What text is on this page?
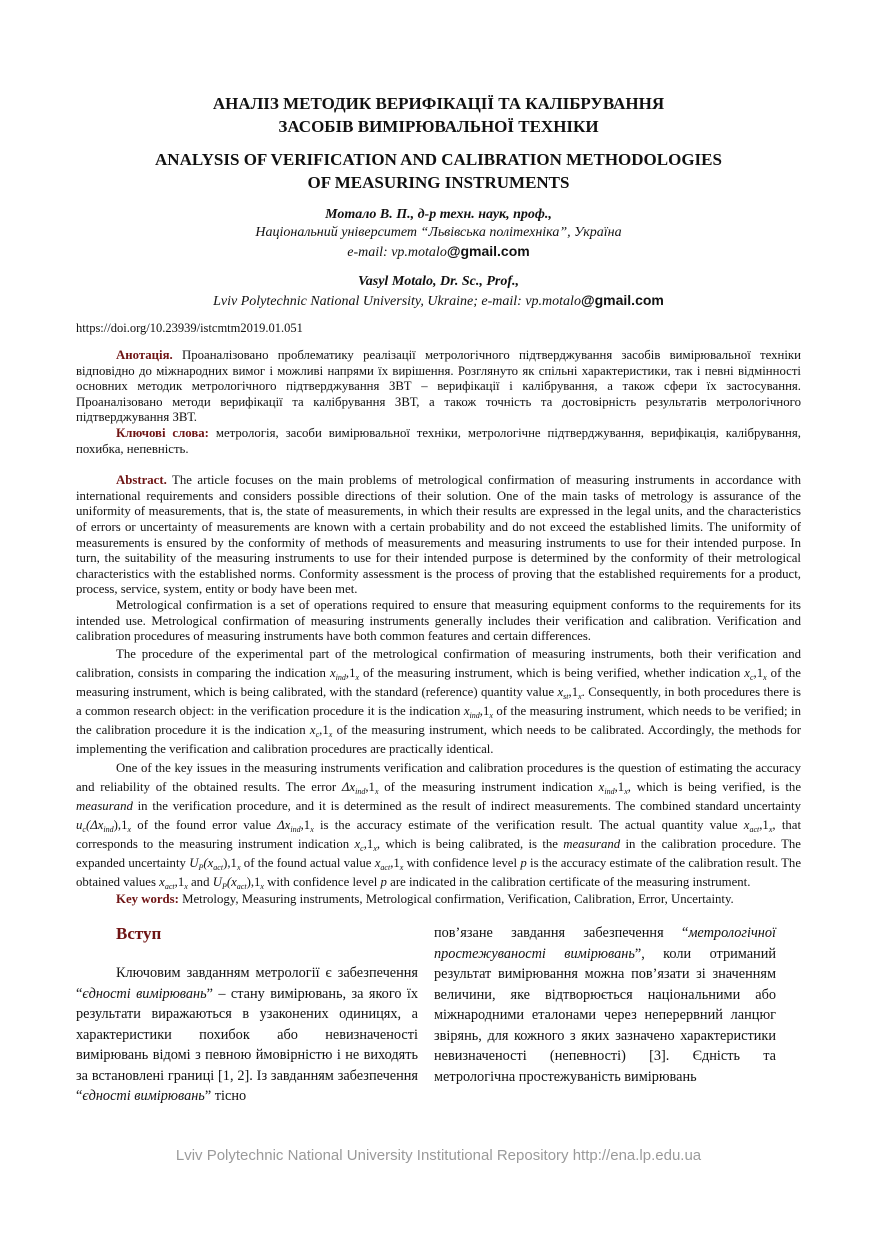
АНАЛІЗ МЕТОДИК ВЕРИФІКАЦІЇ ТА КАЛІБРУВАННЯ
ЗАСОБІВ ВИМІРЮВАЛЬНОЇ ТЕХНІКИ
ANALYSIS OF VERIFICATION AND CALIBRATION METHODOLOGIES
OF MEASURING INSTRUMENTS
Мотало В. П., д-р техн. наук, проф.,
Національний університет “Львівська політехніка”, Україна
e-mail: vp.motalo@gmail.com
Vasyl Motalo, Dr. Sc., Prof.,
Lviv Polytechnic National University, Ukraine; e-mail: vp.motalo@gmail.com
https://doi.org/10.23939/istcmtm2019.01.051

Анотація. Проаналізовано проблематику реалізації метрологічного підтверджування засобів вимірювальної техніки відповідно до міжнародних вимог і можливі напрями їх вирішення. Розглянуто як спільні характеристики, так і певні відмінності основних методик метрологічного підтверджування ЗВТ – верифікації і калібрування, а також сфери їх застосування. Проаналізовано методи верифікації та калібрування ЗВТ, а також точність та достовірність результатів метрологічного підтверджування ЗВТ.

Ключові слова: метрологія, засоби вимірювальної техніки, метрологічне підтверджування, верифікація, калібрування, похибка, непевність.

Abstract. The article focuses on the main problems of metrological confirmation of measuring instruments in accordance with international requirements and considers possible directions of their solution. One of the main tasks of metrology is assurance of the uniformity of measurements, that is, the state of measurements, in which their results are expressed in the legal units, and the characteristics of errors or uncertainty of measurements are known with a certain probability and do not exceed the established limits. The uniformity of measurements is ensured by the conformity of methods of measurements and measuring instruments to use for their intended purpose. In turn, the suitability of the measuring instruments to use for their intended purpose is determined by the conformity of their metrological characteristics with the established norms. Conformity assessment is the process of proving that the established requirements for a product, process, service, system, entity or body have been met.

Metrological confirmation is a set of operations required to ensure that measuring equipment conforms to the requirements for its intended use. Metrological confirmation of measuring instruments generally includes their verification and calibration. Verification and calibration procedures of measuring instruments have both common features and certain differences.

The procedure of the experimental part of the metrological confirmation of measuring instruments, both their verification and calibration, consists in comparing the indication $x_{ind},1_x$ of the measuring instrument, which is being verified, whether indication $x_c,1_x$ of the measuring instrument, which is being calibrated, with the standard (reference) quantity value $x_{st},1_x$. Consequently, in both procedures there is a common research object: in the verification procedure it is the indication $x_{ind},1_x$ of the measuring instrument, which needs to be verified; in the calibration procedure it is the indication $x_c,1_x$ of the measuring instrument, which needs to be calibrated. Accordingly, the methods for implementing the verification and calibration procedures are practically identical.

One of the key issues in the measuring instruments verification and calibration procedures is the question of estimating the accuracy and reliability of the obtained results. The error $\Delta x_{ind},1_x$ of the measuring instrument indication $x_{ind},1_x$, which is being verified, is the measurand in the verification procedure, and it is determined as the result of indirect measurements. The combined standard uncertainty $u_c(\Delta x_{ind}),1_x$ of the found error value $\Delta x_{ind},1_x$ is the accuracy estimate of the verification result. The actual quantity value $x_{act},1_x$, that corresponds to the measuring instrument indication $x_c,1_x$, which is being calibrated, is the measurand in the calibration procedure. The expanded uncertainty $U_P(x_{act}),1_x$ of the found actual value $x_{act},1_x$ with confidence level p is the accuracy estimate of the calibration result. The obtained values $x_{act},1_x$ and $U_P(x_{act}),1_x$ with confidence level p are indicated in the calibration certificate of the measuring instrument.

Key words: Metrology, Measuring instruments, Metrological confirmation, Verification, Calibration, Error, Uncertainty.

Вступ

Ключовим завданням метрології є забезпечення “єдності вимірювань” – стану вимірювань, за якого їх результати виражаються в узаконених одиницях, а характеристики похибок або невизначеності вимірювань відомі з певною ймовірністю і не виходять за встановлені границі [1, 2]. Із завданням забезпечення “єдності вимірювань” тісно

пов’язане завдання забезпечення “метрологічної простежуваності вимірювань”, коли отриманий результат вимірювання можна пов’язати зі значенням величини, яке відтворюється національними або міжнародними еталонами через неперервний ланцюг звірянь, для кожного з яких зазначено характеристики невизначеності (непевності) [3]. Єдність та метрологічна простежуваність вимірювань

Lviv Polytechnic National University Institutional Repository http://ena.lp.edu.ua
